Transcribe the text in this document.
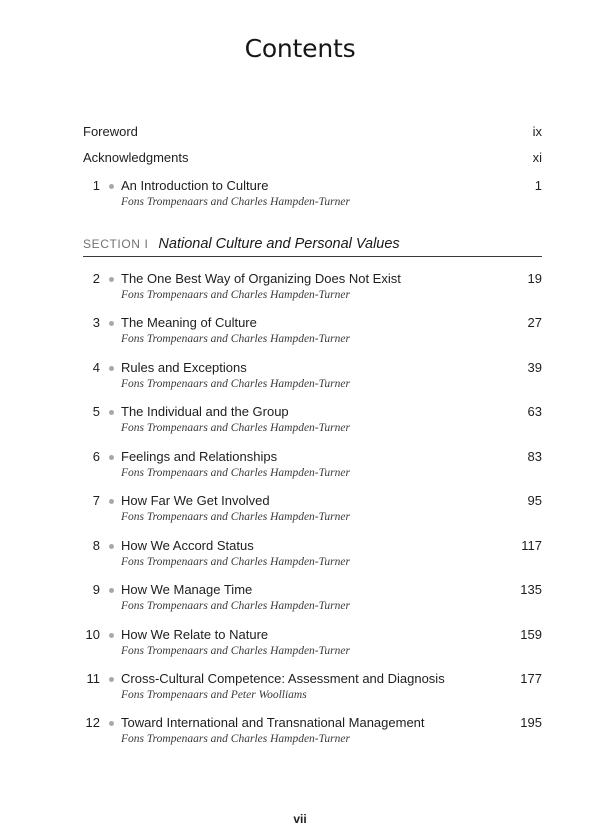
Contents
Foreword	ix
Acknowledgments	xi
1 An Introduction to Culture	1
Fons Trompenaars and Charles Hampden-Turner
SECTION I National Culture and Personal Values
2 The One Best Way of Organizing Does Not Exist	19
Fons Trompenaars and Charles Hampden-Turner
3 The Meaning of Culture	27
Fons Trompenaars and Charles Hampden-Turner
4 Rules and Exceptions	39
Fons Trompenaars and Charles Hampden-Turner
5 The Individual and the Group	63
Fons Trompenaars and Charles Hampden-Turner
6 Feelings and Relationships	83
Fons Trompenaars and Charles Hampden-Turner
7 How Far We Get Involved	95
Fons Trompenaars and Charles Hampden-Turner
8 How We Accord Status	117
Fons Trompenaars and Charles Hampden-Turner
9 How We Manage Time	135
Fons Trompenaars and Charles Hampden-Turner
10 How We Relate to Nature	159
Fons Trompenaars and Charles Hampden-Turner
11 Cross-Cultural Competence: Assessment and Diagnosis	177
Fons Trompenaars and Peter Woolliams
12 Toward International and Transnational Management	195
Fons Trompenaars and Charles Hampden-Turner
vii
